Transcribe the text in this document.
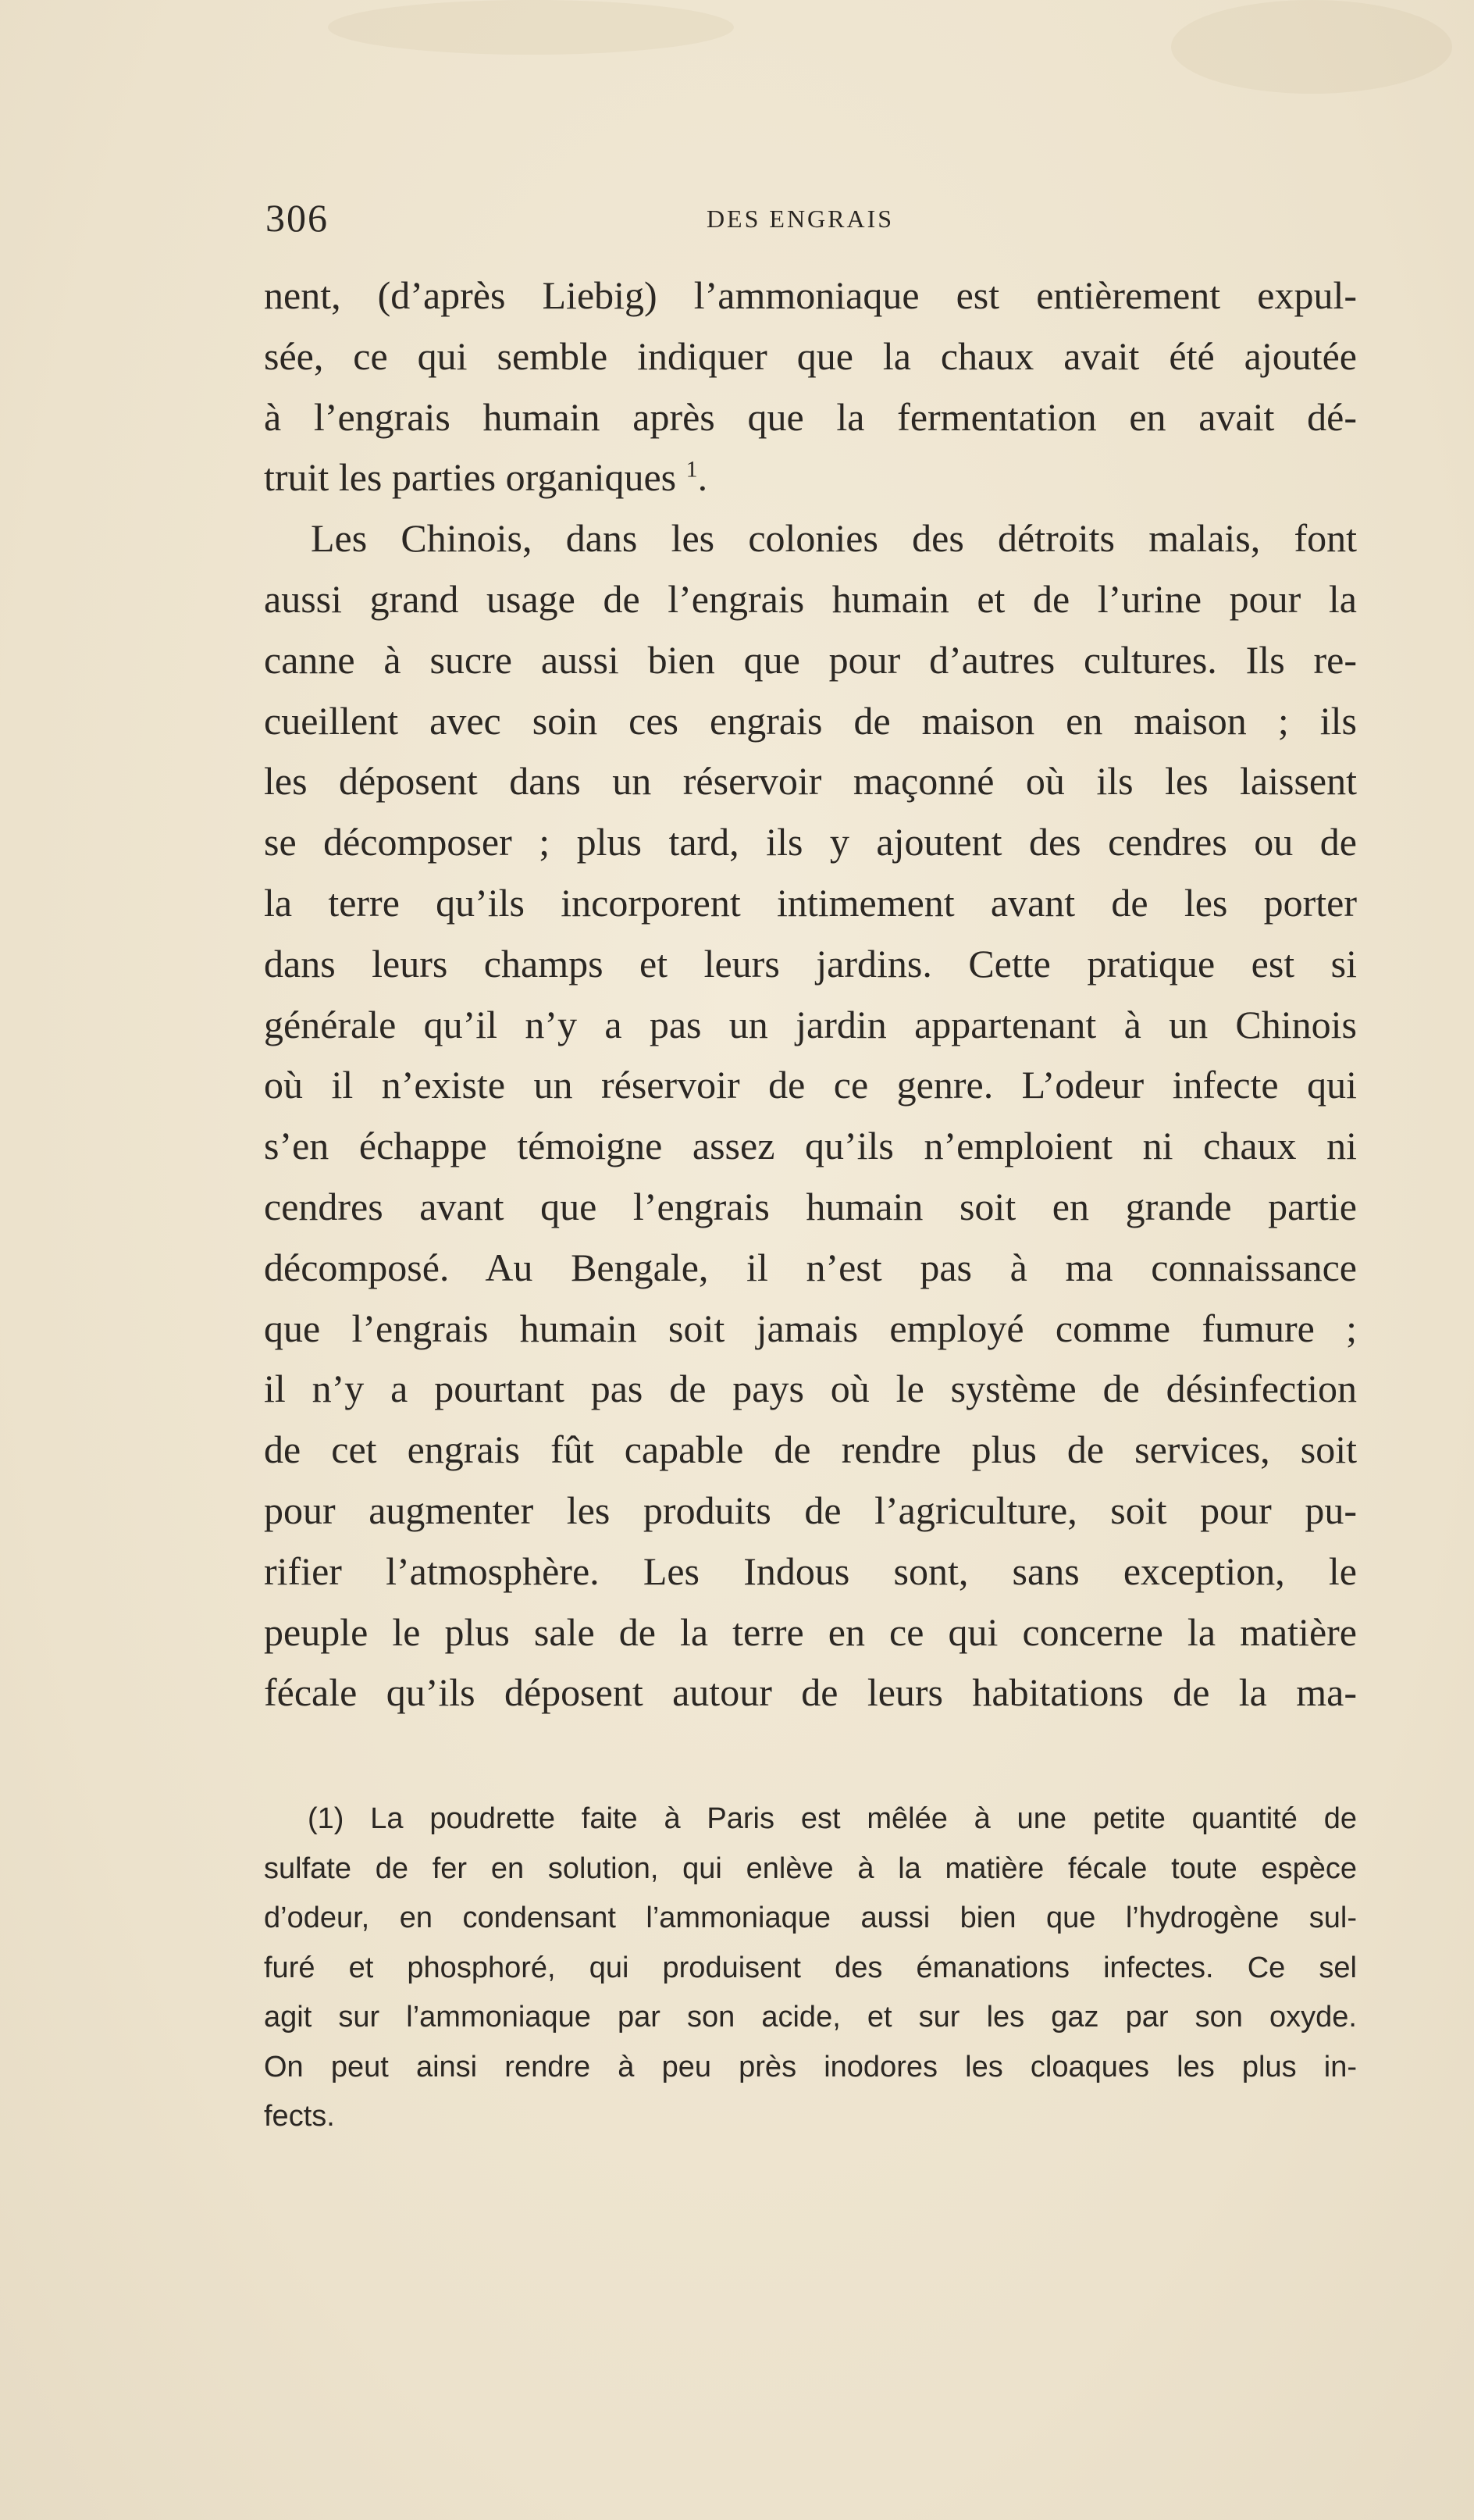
306	DES ENGRAIS
nent, (d’après Liebig) l’ammoniaque est entièrement expul-
sée, ce qui semble indiquer que la chaux avait été ajoutée
à l’engrais humain après que la fermentation en avait dé-
truit les parties organiques $^1$.
Les Chinois, dans les colonies des détroits malais, font
aussi grand usage de l’engrais humain et de l’urine pour la
canne à sucre aussi bien que pour d’autres cultures. Ils re-
cueillent avec soin ces engrais de maison en maison ; ils
les déposent dans un réservoir maçonné où ils les laissent
se décomposer ; plus tard, ils y ajoutent des cendres ou de
la terre qu’ils incorporent intimement avant de les porter
dans leurs champs et leurs jardins. Cette pratique est si
générale qu’il n’y a pas un jardin appartenant à un Chinois
où il n’existe un réservoir de ce genre. L’odeur infecte qui
s’en échappe témoigne assez qu’ils n’emploient ni chaux ni
cendres avant que l’engrais humain soit en grande partie
décomposé. Au Bengale, il n’est pas à ma connaissance
que l’engrais humain soit jamais employé comme fumure ;
il n’y a pourtant pas de pays où le système de désinfection
de cet engrais fût capable de rendre plus de services, soit
pour augmenter les produits de l’agriculture, soit pour pu-
rifier l’atmosphère. Les Indous sont, sans exception, le
peuple le plus sale de la terre en ce qui concerne la matière
fécale qu’ils déposent autour de leurs habitations de la ma-
(1) La poudrette faite à Paris est mêlée à une petite quantité de
sulfate de fer en solution, qui enlève à la matière fécale toute espèce
d’odeur, en condensant l’ammoniaque aussi bien que l’hydrogène sul-
furé et phosphoré, qui produisent des émanations infectes. Ce sel
agit sur l’ammoniaque par son acide, et sur les gaz par son oxyde.
On peut ainsi rendre à peu près inodores les cloaques les plus in-
fects.
